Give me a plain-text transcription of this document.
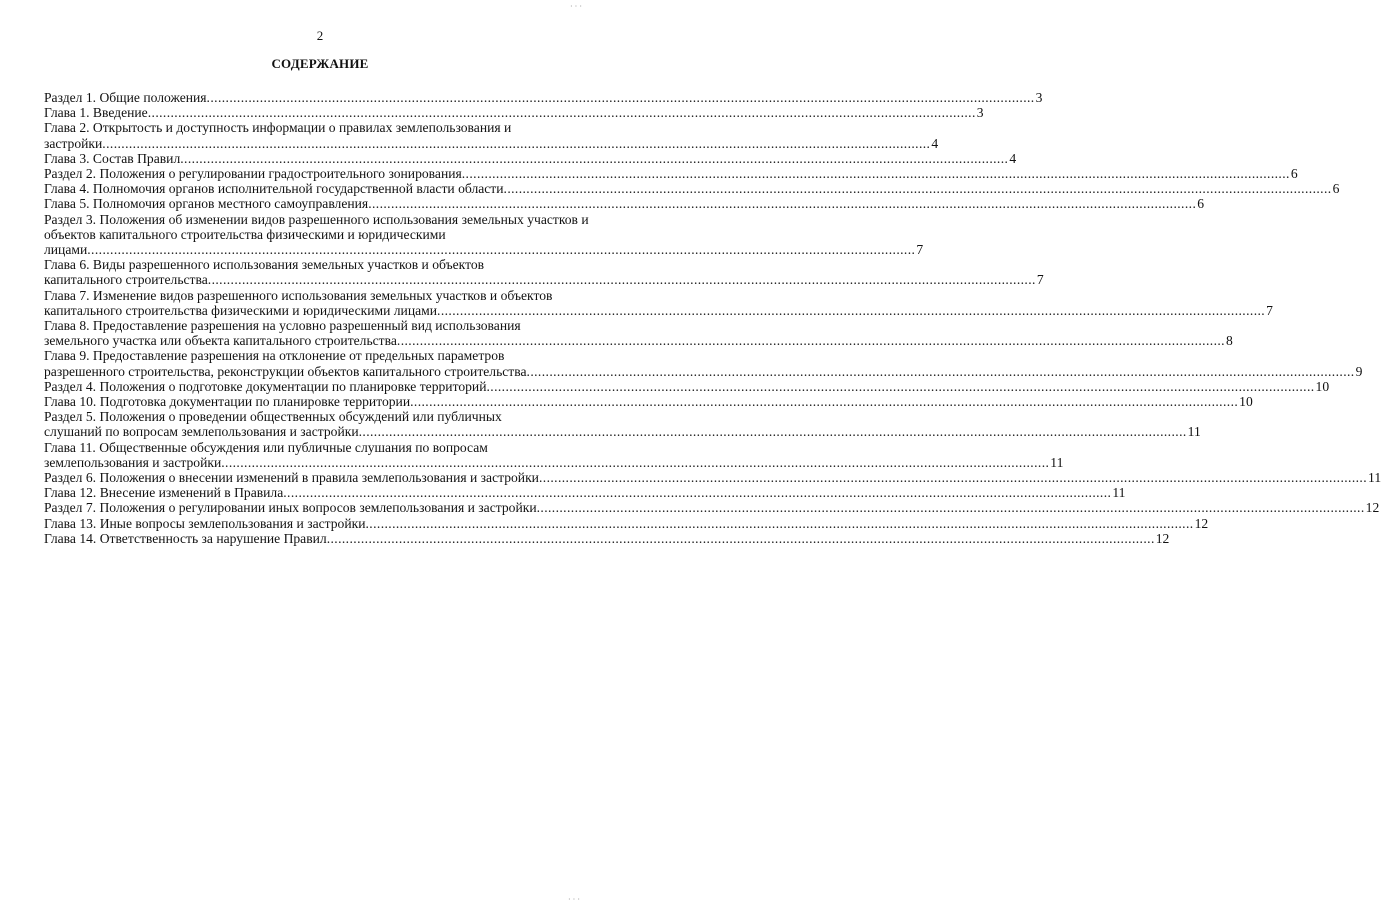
2
СОДЕРЖАНИЕ
Раздел 1. Общие положения .....	3
Глава 1. Введение .....	3
Глава 2. Открытость и доступность информации о правилах землепользования и
застройки .....	4
Глава 3. Состав Правил .....	4
Раздел 2. Положения о регулировании градостроительного зонирования .....	6
Глава 4. Полномочия органов исполнительной государственной власти области .....	6
Глава 5. Полномочия органов местного самоуправления .....	6
Раздел 3. Положения об изменении видов разрешенного использования земельных участков и объектов капитального строительства физическими и юридическими
лицами .....	7
Глава 6. Виды разрешенного использования земельных участков и объектов
капитального строительства .....	7
Глава 7. Изменение видов разрешенного использования земельных участков и объектов
капитального строительства физическими и юридическими лицами .....	7
Глава 8. Предоставление разрешения на условно разрешенный вид использования
земельного участка или объекта капитального строительства .....	8
Глава 9. Предоставление разрешения на отклонение от предельных параметров
разрешенного строительства, реконструкции объектов капитального строительства .....	9
Раздел 4. Положения о подготовке документации по планировке территорий .....	10
Глава 10. Подготовка документации по планировке территории .....	10
Раздел 5. Положения о проведении общественных обсуждений или публичных
слушаний по вопросам землепользования и застройки .....	11
Глава 11. Общественные обсуждения или публичные слушания по вопросам
землепользования и застройки .....	11
Раздел 6. Положения о внесении изменений в правила землепользования и застройки .....	11
Глава 12. Внесение изменений в Правила .....	11
Раздел 7. Положения о регулировании иных вопросов землепользования и застройки .....	12
Глава 13. Иные вопросы землепользования и застройки .....	12
Глава 14. Ответственность за нарушение Правил .....	12
· · ·
· · ·
